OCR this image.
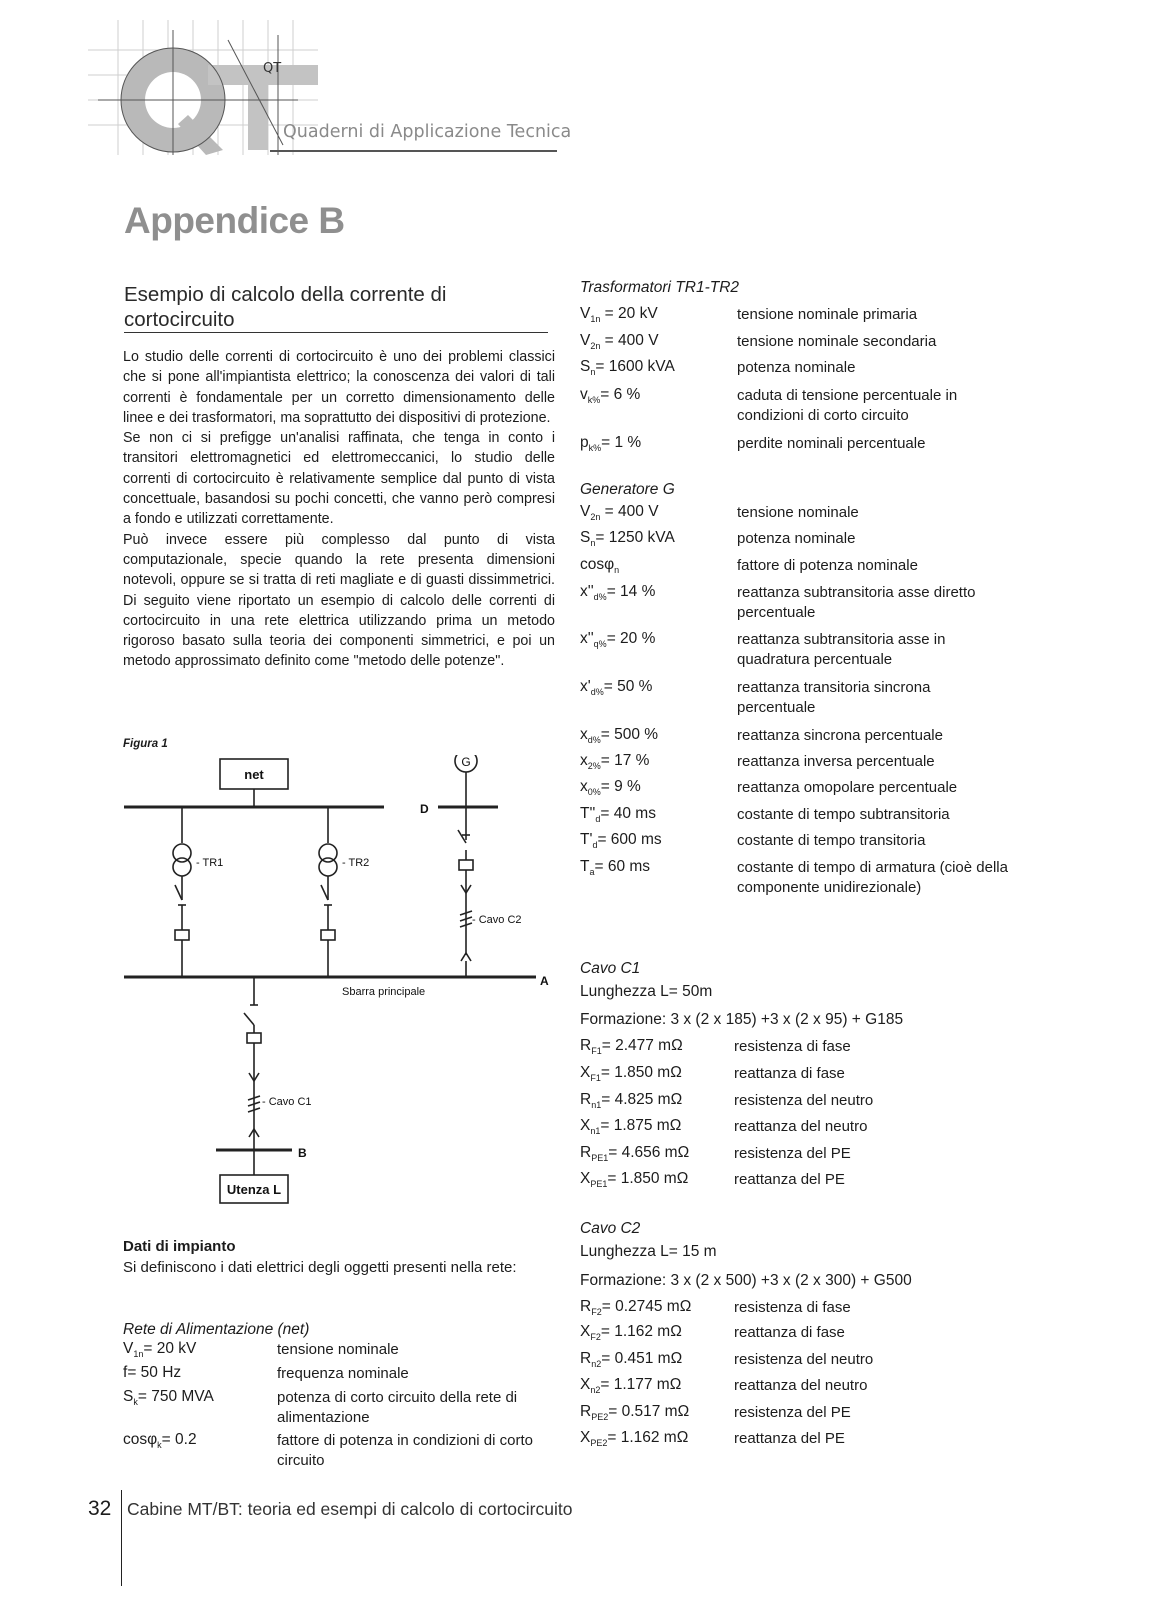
QT
Quaderni di Applicazione Tecnica
Appendice B
Esempio di calcolo della corrente di cortocircuito

Lo studio delle correnti di cortocircuito è uno dei problemi classici che si pone all'impiantista elettrico; la conoscenza dei valori di tali correnti è fondamentale per un corretto dimensionamento delle linee e dei trasformatori, ma soprattutto dei dispositivi di protezione.

Se non ci si prefigge un'analisi raffinata, che tenga in conto i transitori elettromagnetici ed elettromeccanici, lo studio delle correnti di cortocircuito è relativamente semplice dal punto di vista concettuale, basandosi su pochi concetti, che vanno però compresi a fondo e utilizzati correttamente.

Può invece essere più complesso dal punto di vista computazionale, specie quando la rete presenta dimensioni notevoli, oppure se si tratta di reti magliate e di guasti dissimmetrici. Di seguito viene riportato un esempio di calcolo delle correnti di cortocircuito in una rete elettrica utilizzando prima un metodo rigoroso basato sulla teoria dei componenti simmetrici, e poi un metodo approssimato definito come "metodo delle potenze".

Figura 1
net
G
D
- TR1	- TR2
- Cavo C2
A
Sbarra principale
- Cavo C1
B
Utenza L
Dati di impianto
Si definiscono i dati elettrici degli oggetti presenti nella rete:
Rete di Alimentazione (net)
$V_{1n}= 20$ kV	tensione nominale
f= 50 Hz	frequenza nominale
$S_k= 750$ MVA	potenza di corto circuito della rete di alimentazione
cosφ$_k$= 0.2	fattore di potenza in condizioni di corto circuito
Trasformatori TR1-TR2
$V_{1n} = 20$ kV	tensione nominale primaria
$V_{2n} = 400$ V	tensione nominale secondaria
$S_n= 1600$ kVA	potenza nominale
$v_{k\%}= 6$ %	caduta di tensione percentuale in condizioni di corto circuito
$p_{k\%}= 1$ %	perdite nominali percentuale
Generatore G
$V_{2n} = 400$ V	tensione nominale
$S_n= 1250$ kVA	potenza nominale
cosφ$_n$	fattore di potenza nominale
$x''_{d\%}= 14$ %	reattanza subtransitoria asse diretto percentuale
$x''_{q\%}= 20$ %	reattanza subtransitoria asse in quadratura percentuale
$x'_{d\%}= 50$ %	reattanza transitoria sincrona percentuale
$x_{d\%}= 500$ %	reattanza sincrona percentuale
$x_{2\%}= 17$ %	reattanza inversa percentuale
$x_{0\%}= 9$ %	reattanza omopolare percentuale
$T''_d= 40$ ms	costante di tempo subtransitoria
$T'_d= 600$ ms	costante di tempo transitoria
$T_a= 60$ ms	costante di tempo di armatura (cioè della componente unidirezionale)
Cavo C1
Lunghezza L= 50m
Formazione: 3 x (2 x 185) +3 x (2 x 95) + G185
$R_{F1}= 2.477$ mΩ	resistenza di fase
$X_{F1}= 1.850$ mΩ	reattanza di fase
$R_{n1}= 4.825$ mΩ	resistenza del neutro
$X_{n1}= 1.875$ mΩ	reattanza del neutro
$R_{PE1}= 4.656$ mΩ	resistenza del PE
$X_{PE1}= 1.850$ mΩ	reattanza del PE
Cavo C2
Lunghezza L= 15 m
Formazione: 3 x (2 x 500) +3 x (2 x 300) + G500
$R_{F2}= 0.2745$ mΩ	resistenza di fase
$X_{F2}= 1.162$ mΩ	reattanza di fase
$R_{n2}= 0.451$ mΩ	resistenza del neutro
$X_{n2}= 1.177$ mΩ	reattanza del neutro
$R_{PE2}= 0.517$ mΩ	resistenza del PE
$X_{PE2}= 1.162$ mΩ	reattanza del PE
32 Cabine MT/BT: teoria ed esempi di calcolo di cortocircuito
